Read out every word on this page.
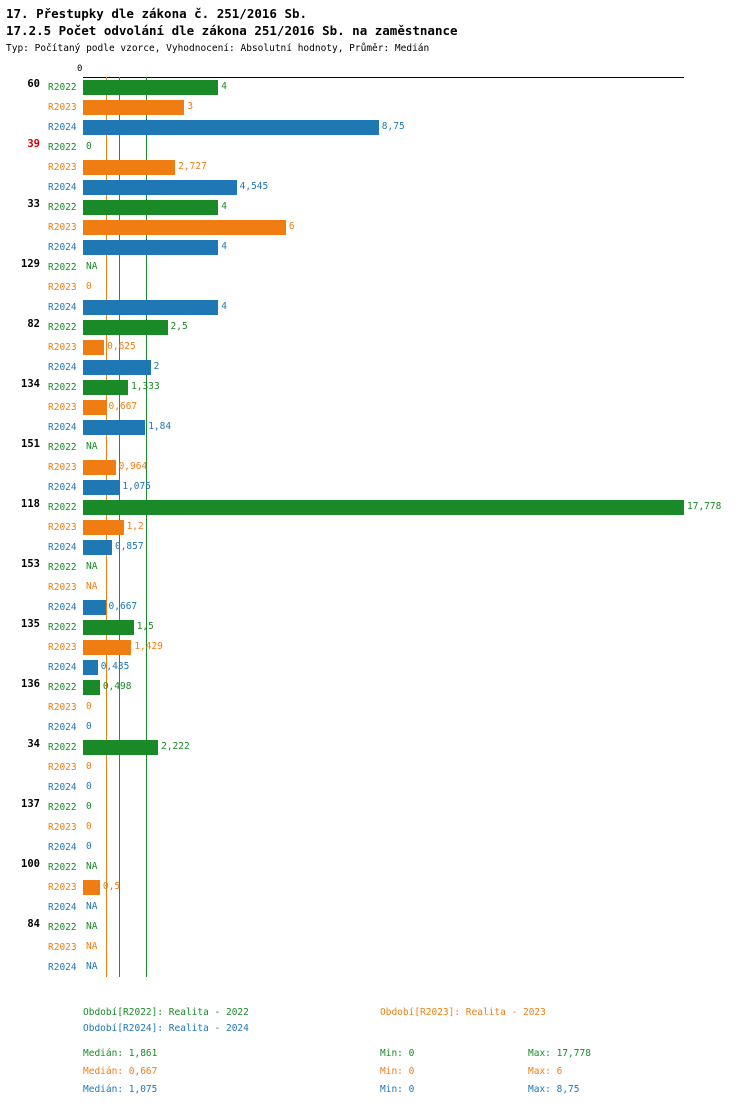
17. Přestupky dle zákona č. 251/2016 Sb.
17.2.5 Počet odvolání dle zákona 251/2016 Sb. na zaměstnance
Typ: Počítaný podle vzorce, Vyhodnocení: Absolutní hodnoty, Průměr: Medián
0
60 R2022	4
R2023	3
R2024	8,75
39 R2022 0
R2023	2,727
R2024	4,545
33 R2022	4
R2023	6
R2024	4
129 R2022 NA
R2023 0
R2024	4
82 R2022	2,5
R2023	0,625
R2024	2
134 R2022	1,333
R2023	0,667
R2024	1,84
151 R2022 NA
R2023	0,964
R2024	1,075
118 R2022	17,778
R2023	1,2
R2024	0,857
153 R2022 NA
R2023 NA
R2024	0,667
135 R2022	1,5
R2023	1,429
R2024	0,435
136 R2022	0,498
R2023 0
R2024 0
34 R2022	2,222
R2023 0
R2024 0
137 R2022 0
R2023 0
R2024 0
100 R2022 NA
R2023	0,5
R2024 NA
84 R2022 NA
R2023 NA
R2024 NA
Období[R2022]: Realita - 2022	Období[R2023]: Realita - 2023
Období[R2024]: Realita - 2024
Medián: 1,861	Min: 0	Max: 17,778
Medián: 0,667	Min: 0	Max: 6
Medián: 1,075	Min: 0	Max: 8,75
